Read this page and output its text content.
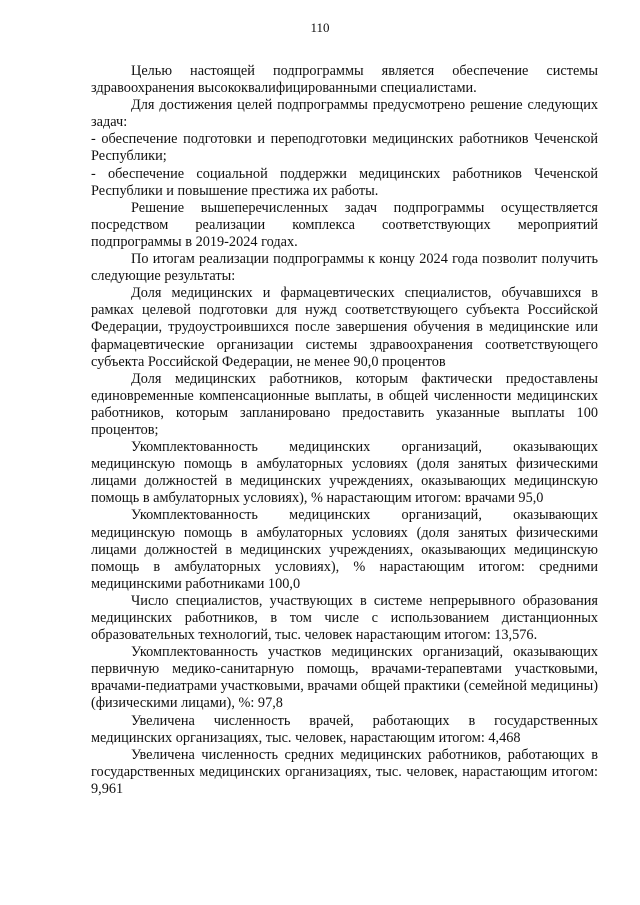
110

Целью настоящей подпрограммы является обеспечение системы здравоохранения высококвалифицированными специалистами.

Для достижения целей подпрограммы предусмотрено решение следующих задач:

- обеспечение подготовки и переподготовки медицинских работников Чеченской Республики;

- обеспечение социальной поддержки медицинских работников Чеченской Республики и повышение престижа их работы.

Решение вышеперечисленных задач подпрограммы осуществляется посредством реализации комплекса соответствующих мероприятий подпрограммы в 2019-2024 годах.

По итогам реализации подпрограммы к концу 2024 года позволит получить следующие результаты:

Доля медицинских и фармацевтических специалистов, обучавшихся в рамках целевой подготовки для нужд соответствующего субъекта Российской Федерации, трудоустроившихся после завершения обучения в медицинские или фармацевтические организации системы здравоохранения соответствующего субъекта Российской Федерации, не менее 90,0 процентов

Доля медицинских работников, которым фактически предоставлены единовременные компенсационные выплаты, в общей численности медицинских работников, которым запланировано предоставить указанные выплаты 100 процентов;

Укомплектованность медицинских организаций, оказывающих медицинскую помощь в амбулаторных условиях (доля занятых физическими лицами должностей в медицинских учреждениях, оказывающих медицинскую помощь в амбулаторных условиях), % нарастающим итогом: врачами 95,0

Укомплектованность медицинских организаций, оказывающих медицинскую помощь в амбулаторных условиях (доля занятых физическими лицами должностей в медицинских учреждениях, оказывающих медицинскую помощь в амбулаторных условиях), % нарастающим итогом: средними медицинскими работниками 100,0

Число специалистов, участвующих в системе непрерывного образования медицинских работников, в том числе с использованием дистанционных образовательных технологий, тыс. человек нарастающим итогом: 13,576.

Укомплектованность участков медицинских организаций, оказывающих первичную медико-санитарную помощь, врачами-терапевтами участковыми, врачами-педиатрами участковыми, врачами общей практики (семейной медицины) (физическими лицами), %: 97,8

Увеличена численность врачей, работающих в государственных медицинских организациях, тыс. человек, нарастающим итогом: 4,468

Увеличена численность средних медицинских работников, работающих в государственных медицинских организациях, тыс. человек, нарастающим итогом: 9,961
